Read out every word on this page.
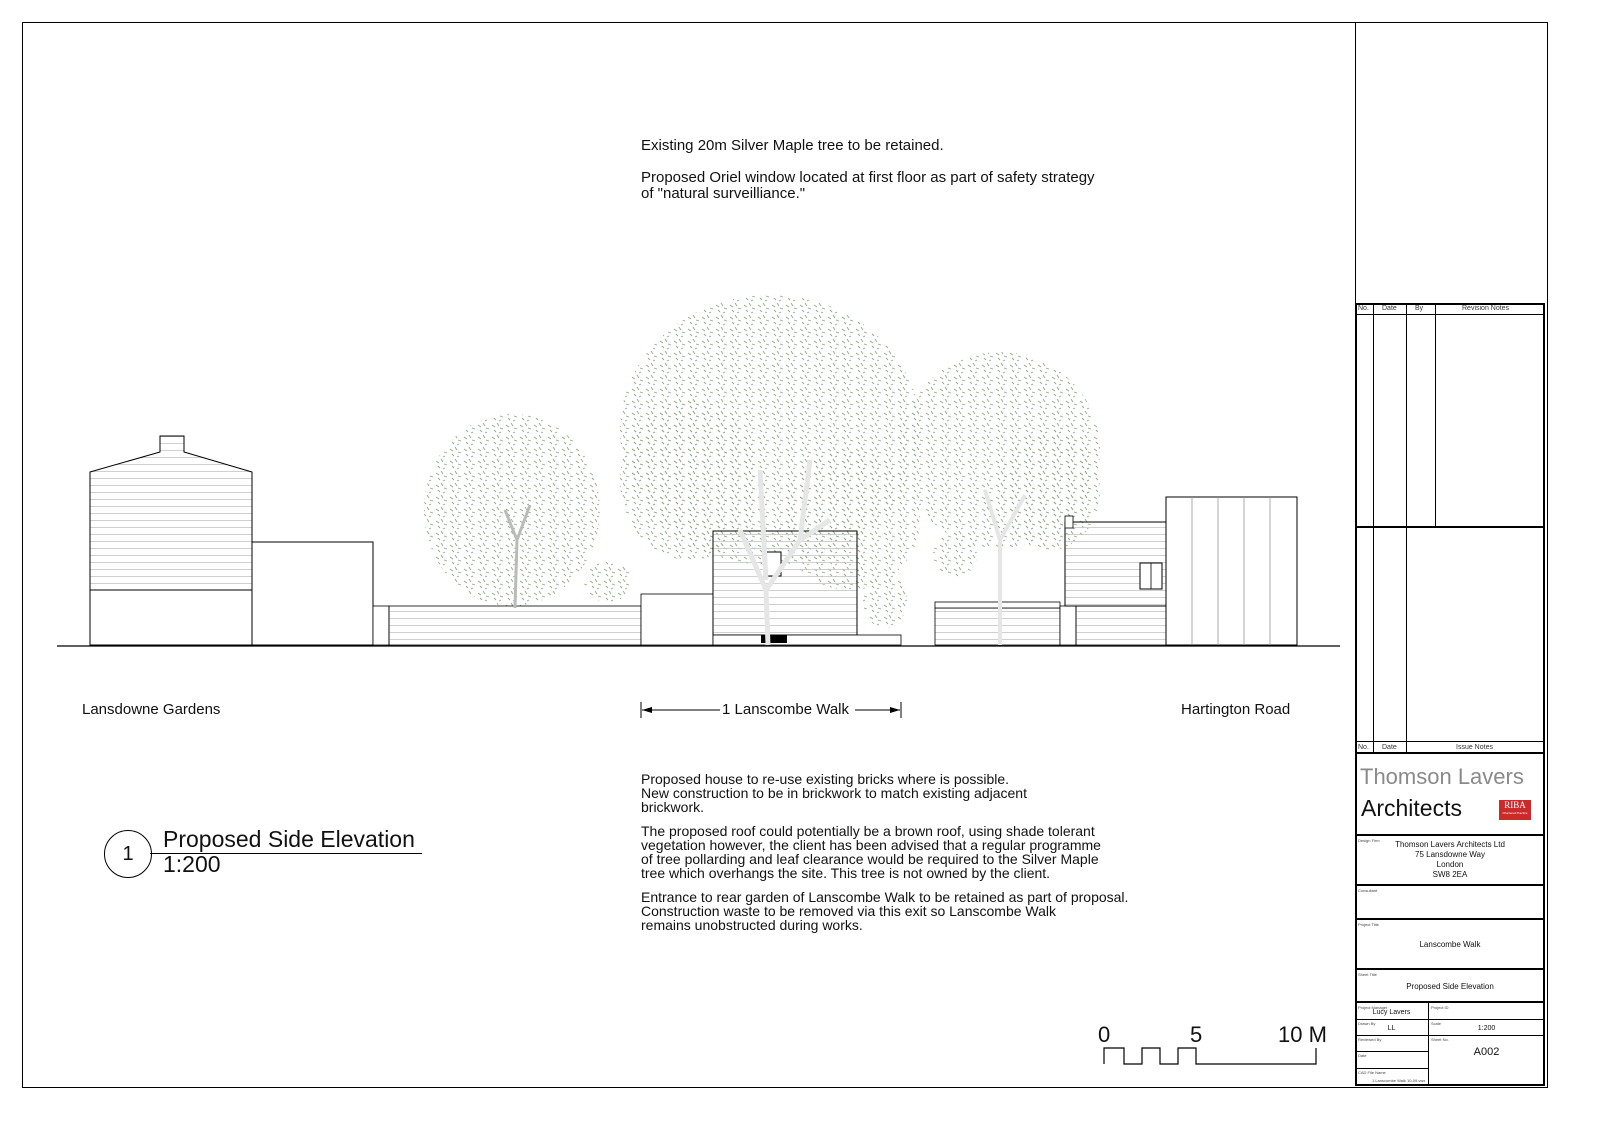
Existing 20m Silver Maple tree to be retained.
Proposed Oriel window located at first floor as part of safety strategy
of "natural surveilliance."
Lansdowne Gardens	Hartington Road
1 Lanscombe Walk
Proposed house to re-use existing bricks where is possible.
New construction to be in brickwork to match existing adjacent
brickwork.
The proposed roof could potentially be a brown roof, using shade tolerant
vegetation however, the client has been advised that a regular programme
of tree pollarding and leaf clearance would be required to the Silver Maple
tree which overhangs the site. This tree is not owned by the client.
Entrance to rear garden of Lanscombe Walk to be retained as part of proposal.
Construction waste to be removed via this exit so Lanscombe Walk
remains unobstructed during works.
1
Proposed Side Elevation
1:200
0	5	10 M
No. Date	By	Revision Notes
No. Date	Issue Notes
Thomson Lavers
Architects	RIBA
Chartered Practice
Design Firm	Thomson Lavers Architects Ltd
75 Lansdowne Way
London
SW8 2EA
Consultant
Project Title
Lanscombe Walk
Sheet Title
Proposed Side Elevation
Project Manager
Lucy Lavers
Project ID
Drawn By
LL
Scale
1:200
Reviewed By	Sheet No.
A002
Date
CAD File Name
1 Lanscombe Walk 10-09.vwx
